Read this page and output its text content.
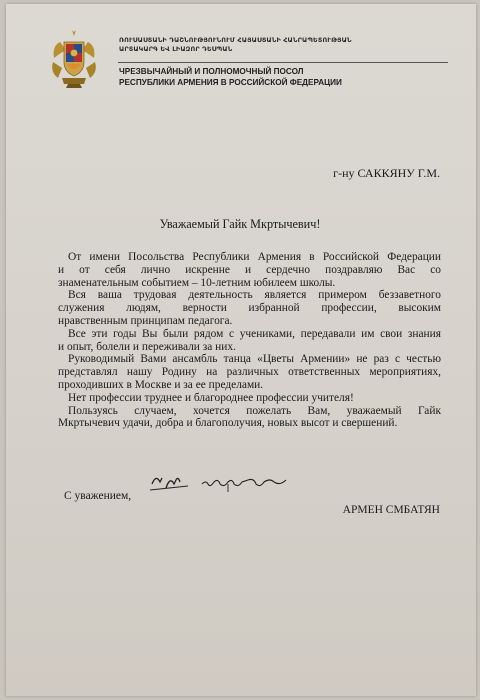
ՌՈՒՍԱՍՏԱՆԻ ԴԱՇՆՈՒԹՅՈՒՆՈՒՄ ՀԱՅԱՍՏԱՆԻ ՀԱՆՐԱՊԵՏՈՒԹՅԱՆ
ԱՐՏԱԿԱՐԳ ԵՎ ԼԻԱԶՈՐ ԴԵՍՊԱՆ
ЧРЕЗВЫЧАЙНЫЙ И ПОЛНОМОЧНЫЙ ПОСОЛ
РЕСПУБЛИКИ АРМЕНИЯ В РОССИЙСКОЙ ФЕДЕРАЦИИ
г-ну САККЯНУ Г.М.
Уважаемый Гайк Мкртычевич!
От имени Посольства Республики Армения в Российской Федерации
и от себя лично искренне и сердечно поздравляю Вас со
знаменательным событием – 10-летним юбилеем школы.
Вся ваша трудовая деятельность является примером беззаветного
служения людям, верности избранной профессии, высоким
нравственным принципам педагога.
Все эти годы Вы были рядом с учениками, передавали им свои знания
и опыт, болели и переживали за них.
Руководимый Вами ансамбль танца «Цветы Армении» не раз с честью
представлял нашу Родину на различных ответственных мероприятиях,
проходивших в Москве и за ее пределами.
Нет профессии труднее и благороднее профессии учителя!
Пользуясь случаем, хочется пожелать Вам, уважаемый Гайк
Мкртычевич удачи, добра и благополучия, новых высот и свершений.
С уважением,
АРМЕН СМБАТЯН
